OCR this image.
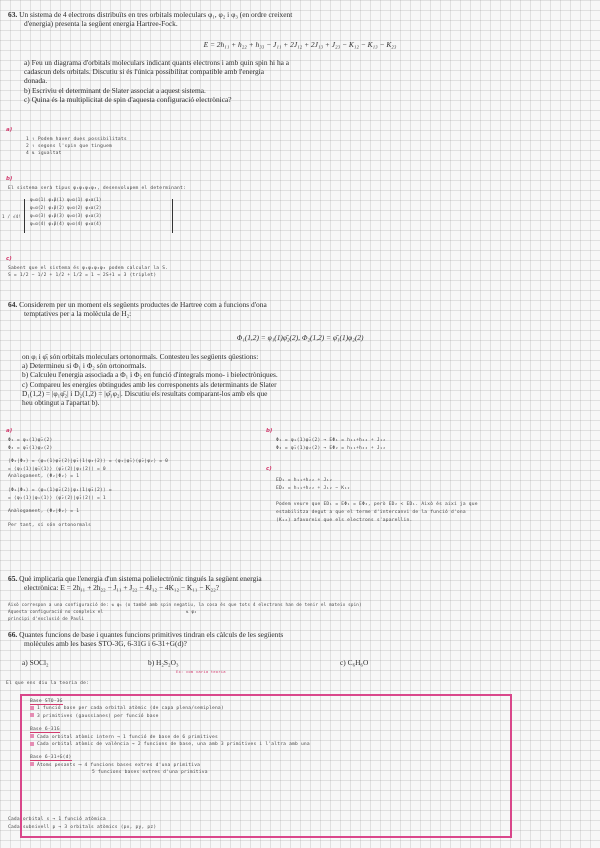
63. Un sistema de 4 electrons distribuïts en tres orbitals moleculars φ₁, φ₂ i φ₃ (en ordre creixent
d'energia) presenta la següent energia Hartree-Fock.
E = 2h₁₁ + h₂₂ + h₃₃ − J₁₁ + 2J₁₂ + 2J₁₃ + J₂₃ − K₁₂ − K₁₃ − K₂₃
a) Feu un diagrama d'orbitals moleculars indicant quants electrons i amb quin spin hi ha a
cadascun dels orbitals. Discutiu si és l'única possibilitat compatible amb l'energia
donada.
b) Escriviu el determinant de Slater associat a aquest sistema.
c) Quina és la multiplicitat de spin d'aquesta configuració electrònica?
a)
1 ↿ Podem haver dues possibilitats
2 ↿ segons l'spin que tinguem
4 ⇅ igualtat
b)
El sistema serà tipus φ₁φ₁φ₂φ₃, desenvolupem el determinant:
1 / √4!
φ₁α(1) φ₁β(1) φ₂α(1) φ₃α(1)
φ₁α(2) φ₁β(2) φ₂α(2) φ₃α(2)
φ₁α(3) φ₁β(3) φ₂α(3) φ₃α(3)
φ₁α(4) φ₁β(4) φ₂α(4) φ₃α(4)
c)
Sabent que el sistema és φ₁φ₁φ₂φ₃ podem calcular la S.
S = 1/2 − 1/2 + 1/2 + 1/2 = 1 → 2S+1 = 3 (triplet)
64. Considerem per un moment els següents productes de Hartree com a funcions d'ona
temptatives per a la molècula de H₂:
Φ₁(1,2) = φ₁(1)φ̄₂(2), Φ₂(1,2) = φ̄₁(1)φ₂(2)
on φᵢ i φ̄ᵢ són orbitals moleculars ortonormals. Contesteu les següents qüestions:
a) Determineu si Φ₁ i Φ₂ són ortonormals.
b) Calculeu l'energia associada a Φ₁ i Φ₂ en funció d'integrals mono- i bielectròniques.
c) Compareu les energies obtingudes amb les corresponents als determinants de Slater
D₁(1,2) = |φ₁φ̄₂| i D₂(1,2) = |φ̄₁φ₂|. Discutiu els resultats comparant-los amb els que
heu obtingut a l'apartat b).
a)
Φ₁ = φ₁(1)φ̄₂(2)
Φ₂ = φ̄₁(1)φ₂(2)
⟨Φ₁|Φ₂⟩ = ⟨φ₁(1)φ̄₂(2)|φ̄₁(1)φ₂(2)⟩ = ⟨φ₁|φ̄₁⟩⟨φ̄₂|φ₂⟩ = 0
= ⟨φ₁(1)|φ̄₁(1)⟩ ⟨φ̄₂(2)|φ₂(2)⟩ = 0
Anàlogament, ⟨Φ₂|Φ₂⟩ = 1
⟨Φ₁|Φ₁⟩ = ⟨φ₁(1)φ̄₂(2)|φ₁(1)φ̄₂(2)⟩ =
= ⟨φ₁(1)|φ₁(1)⟩ ⟨φ̄₂(2)|φ̄₂(2)⟩ = 1
Anàlogament, ⟨Φ₂|Φ₂⟩ = 1
Per tant, sí són ortonormals
b)
Φ₁ = φ₁(1)φ̄₂(2) → EΦ₁ = h₁₁+h₂₂ + J₁₂
Φ₂ = φ̄₁(1)φ₂(2) → EΦ₂ = h₁₁+h₂₂ + J₁₂
c)
ED₁ = h₁₁+h₂₂ + J₁₂
ED₂ = h₁₁+h₂₂ + J₁₂ − K₁₂
Podem veure que ED₁ = EΦ₁ = EΦ₂, però ED₂ < ED₁. Això és així ja que
estabilitza degut a que el terme d'intercanvi de la funció d'ona
(K₁₂) afavoreix que els electrons s'aparellin.
65. Què implicaria que l'energia d'un sistema polielectrònic tingués la següent energia
electrònica: E = 2h₁₁ + 2h₂₂ − J₁₁ + J₂₂ − 4J₁₂ − 4K₁₂ − K₁₁ − K₂₂?
Això correspon a una configuració de: ⇅ φ₁ (o també amb spin negatiu, la cosa és que tots 4 electrons han de tenir el mateix spin)
Aquesta configuració no compleix el
principi d'exclusió de Pauli
⇅ φ₂
66. Quantes funcions de base i quantes funcions primitives tindran els càlculs de les següents
molècules amb les bases STO-3G, 6-31G i 6-31+G(d)?
a) SOCl₂	b) H₂S₂O₃	c) C₆H₆O
Ex: com varia teoria
El que ens diu la teoria de:
Base STO-3G
1 funció base per cada orbital atòmic (de capa plena/semiplena)
3 primitives (gaussianes) per funció base
Base 6-31G
Cada orbital atòmic intern → 1 funció de base de 6 primitives
Cada orbital atòmic de valència → 2 funcions de base, una amb 3 primitives i l'altra amb una
Base 6-31+G(d)
Àtoms pesants ⟶ 4 funcions bases extres d'una primitiva
5 funcions bases extres d'una primitiva
Cada orbital s → 1 funció atòmica
Cada subnivell p → 3 orbitals atòmics (px, py, pz)
